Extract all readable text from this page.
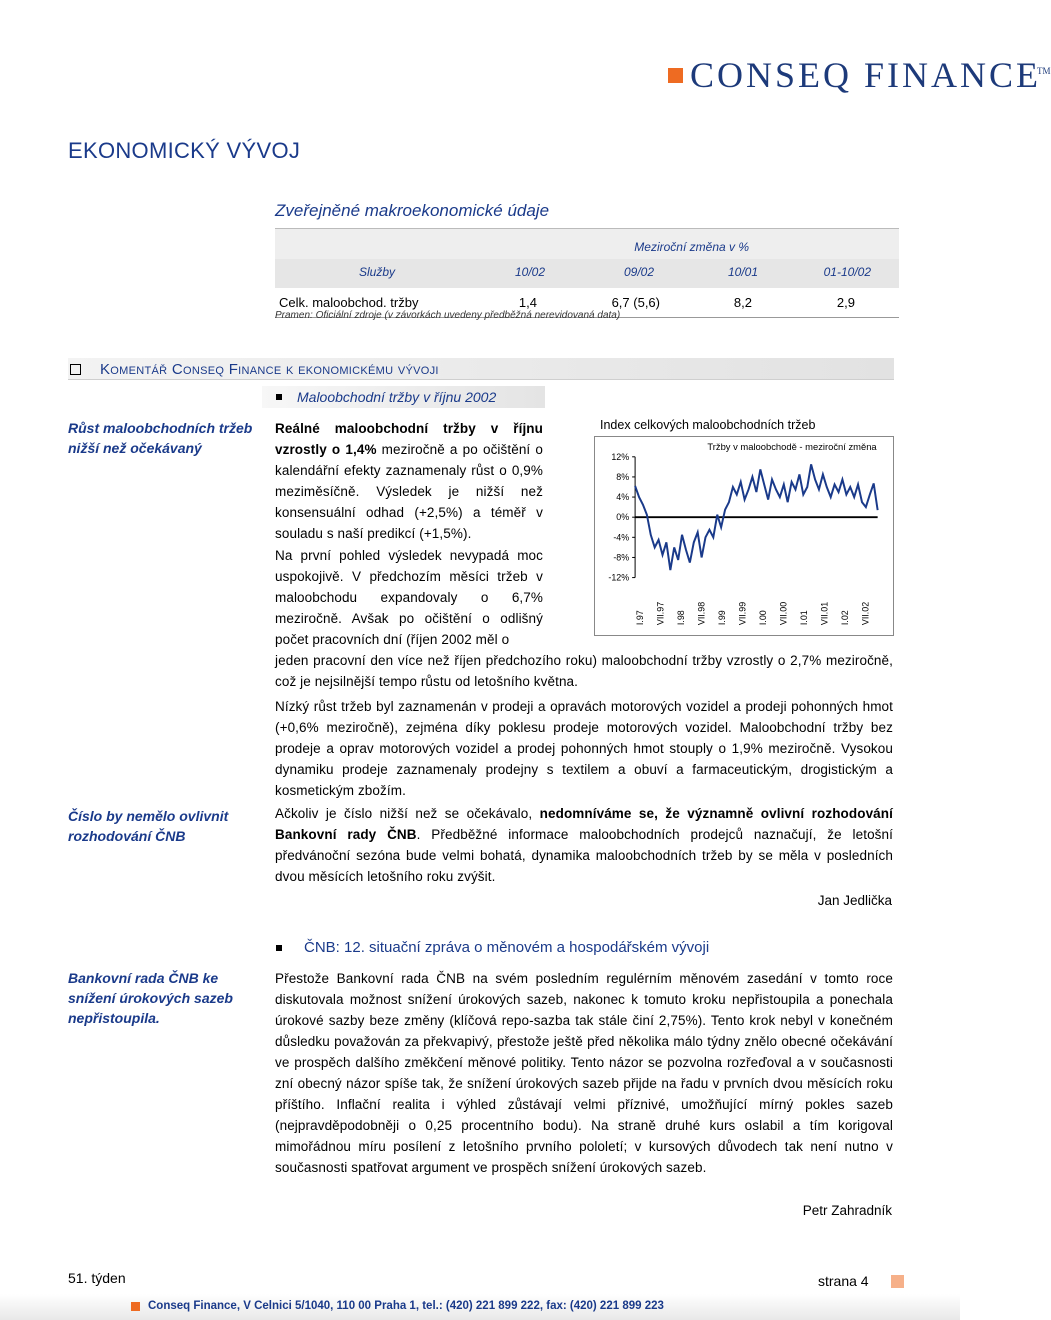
CONSEQ FINANCE™
EKONOMICKÝ VÝVOJ
Zveřejněné makroekonomické údaje
Meziroční změna v %
Služby	10/02	09/02	10/01	01-10/02
Celk. maloobchod. tržby	1,4	6,7 (5,6)	8,2	2,9
Pramen: Oficiální zdroje (v závorkách uvedeny předběžná nerevidovaná data)
Komentář Conseq Finance k ekonomickému vývoji
Maloobchodní tržby v říjnu 2002
Růst maloobchodních tržeb nižší než očekávaný
Reálné maloobchodní tržby v říjnu vzrostly o 1,4% meziročně a po očištění o kalendářní efekty zaznamenaly růst o 0,9% meziměsíčně. Výsledek je nižší než konsensuální odhad (+2,5%) a téměř v souladu s naší predikcí (+1,5%).
Na první pohled výsledek nevypadá moc uspokojivě. V předchozím měsíci tržeb v maloobchodu expandovaly o 6,7% meziročně. Avšak po očištění o odlišný počet pracovních dní (říjen 2002 měl o
jeden pracovní den více než říjen předchozího roku) maloobchodní tržby vzrostly o 2,7% meziročně, což je nejsilnější tempo růstu od letošního května.
Nízký růst tržeb byl zaznamenán v prodeji a opravách motorových vozidel a prodeji pohonných hmot (+0,6% meziročně), zejména díky poklesu prodeje motorových vozidel. Maloobchodní tržby bez prodeje a oprav motorových vozidel a prodej pohonných hmot stouply o 1,9% meziročně. Vysokou dynamiku prodeje zaznamenaly prodejny s textilem a obuví a farmaceutickým, drogistickým a kosmetickým zbožím.
Číslo by nemělo ovlivnit rozhodování ČNB
Ačkoliv je číslo nižší než se očekávalo, nedomníváme se, že významně ovlivní rozhodování Bankovní rady ČNB. Předběžné informace maloobchodních prodejců naznačují, že letošní předvánoční sezóna bude velmi bohatá, dynamika maloobchodních tržeb by se měla v posledních dvou měsících letošního roku zvýšit.
Jan Jedlička
Index celkových maloobchodních tržeb
Tržby v maloobchodě - meziroční změna
12%
8%
4%
0%
-4%
-8%
-12%
I.97 VII.97 I.98 VII.98 I.99 VII.99 I.00 VII.00 I.01 VII.01 I.02 VII.02
ČNB: 12. situační zpráva o měnovém a hospodářském vývoji
Bankovní rada ČNB ke snížení úrokových sazeb nepřistoupila.
Přestože Bankovní rada ČNB na svém posledním regulérním měnovém zasedání v tomto roce diskutovala možnost snížení úrokových sazeb, nakonec k tomuto kroku nepřistoupila a ponechala úrokové sazby beze změny (klíčová repo-sazba tak stále činí 2,75%). Tento krok nebyl v konečném důsledku považován za překvapivý, přestože ještě před několika málo týdny znělo obecné očekávání ve prospěch dalšího změkčení měnové politiky. Tento názor se pozvolna rozřeďoval a v současnosti zní obecný názor spíše tak, že snížení úrokových sazeb přijde na řadu v prvních dvou měsících roku příštího. Inflační realita i výhled zůstávají velmi příznivé, umožňující mírný pokles sazeb (nejpravděpodobněji o 0,25 procentního bodu). Na straně druhé kurs oslabil a tím korigoval mimořádnou míru posílení z letošního prvního pololetí; v kursových důvodech tak není nutno v současnosti spatřovat argument ve prospěch snížení úrokových sazeb.
Petr Zahradník
51. týden	strana 4
Conseq Finance, V Celnici 5/1040, 110 00 Praha 1, tel.: (420) 221 899 222, fax: (420) 221 899 223
